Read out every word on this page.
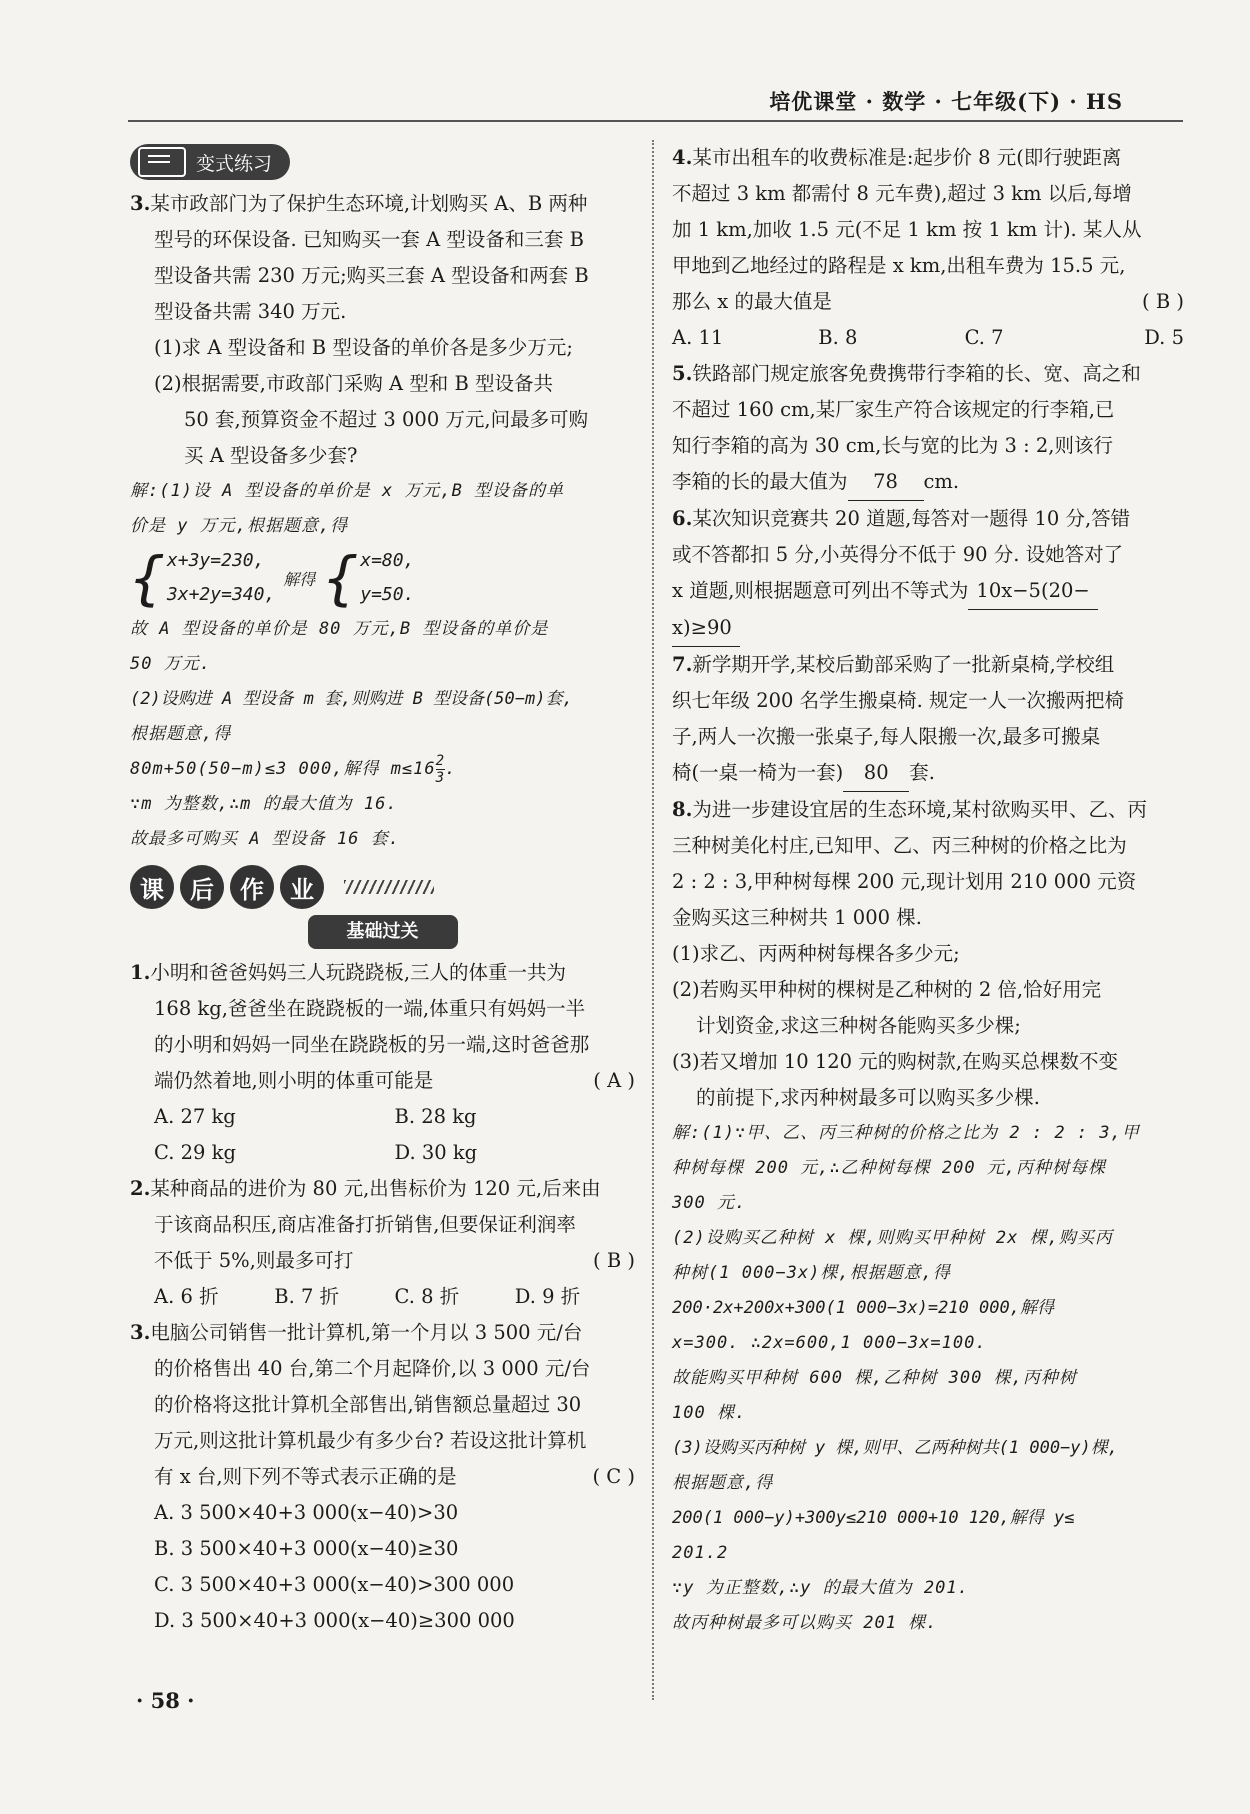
培优课堂 · 数学 · 七年级(下) · HS
变式练习

3.某市政部门为了保护生态环境,计划购买 A、B 两种

型号的环保设备. 已知购买一套 A 型设备和三套 B

型设备共需 230 万元;购买三套 A 型设备和两套 B

型设备共需 340 万元.

(1)求 A 型设备和 B 型设备的单价各是多少万元;

(2)根据需要,市政部门采购 A 型和 B 型设备共

50 套,预算资金不超过 3 000 万元,问最多可购

买 A 型设备多少套?

解:(1)设 A 型设备的单价是 x 万元,B 型设备的单

价是 y 万元,根据题意,得

{ x+3y=230,
3x+2y=340,
解得 { x=80,
y=50.

故 A 型设备的单价是 80 万元,B 型设备的单价是

50 万元.

(2)设购进 A 型设备 m 套,则购进 B 型设备(50−m)套,

根据题意,得

80m+50(50−m)≤3 000,解得 $m\le 16 \frac{2}{3}$ .

∵m 为整数,∴m 的最大值为 16.

故最多可购买 A 型设备 16 套.

课	后	作	业
基础过关

1.小明和爸爸妈妈三人玩跷跷板,三人的体重一共为

168 kg,爸爸坐在跷跷板的一端,体重只有妈妈一半

的小明和妈妈一同坐在跷跷板的另一端,这时爸爸那

端仍然着地,则小明的体重可能是	( A )

A. 27 kg	B. 28 kg
C. 29 kg	D. 30 kg

2.某种商品的进价为 80 元,出售标价为 120 元,后来由

于该商品积压,商店准备打折销售,但要保证利润率

不低于 5%,则最多可打	( B )

A. 6 折	B. 7 折	C. 8 折	D. 9 折

3.电脑公司销售一批计算机,第一个月以 3 500 元/台

的价格售出 40 台,第二个月起降价,以 3 000 元/台

的价格将这批计算机全部售出,销售额总量超过 30

万元,则这批计算机最少有多少台? 若设这批计算机

有 x 台,则下列不等式表示正确的是	( C )

A. 3 500×40+3 000(x−40)>30

B. 3 500×40+3 000(x−40)≥30

C. 3 500×40+3 000(x−40)>300 000

D. 3 500×40+3 000(x−40)≥300 000

4.某市出租车的收费标准是:起步价 8 元(即行驶距离

不超过 3 km 都需付 8 元车费),超过 3 km 以后,每增

加 1 km,加收 1.5 元(不足 1 km 按 1 km 计). 某人从

甲地到乙地经过的路程是 x km,出租车费为 15.5 元,

那么 x 的最大值是	( B )

A. 11	B. 8	C. 7	D. 5

5.铁路部门规定旅客免费携带行李箱的长、宽、高之和

不超过 160 cm,某厂家生产符合该规定的行李箱,已

知行李箱的高为 30 cm,长与宽的比为 3 : 2,则该行

李箱的长的最大值为 78 cm.

6.某次知识竞赛共 20 道题,每答对一题得 10 分,答错

或不答都扣 5 分,小英得分不低于 90 分. 设她答对了

x 道题,则根据题意可列出不等式为 10x−5(20−

x)≥90

7.新学期开学,某校后勤部采购了一批新桌椅,学校组

织七年级 200 名学生搬桌椅. 规定一人一次搬两把椅

子,两人一次搬一张桌子,每人限搬一次,最多可搬桌

椅(一桌一椅为一套) 80 套.

8.为进一步建设宜居的生态环境,某村欲购买甲、乙、丙

三种树美化村庄,已知甲、乙、丙三种树的价格之比为

2 : 2 : 3,甲种树每棵 200 元,现计划用 210 000 元资

金购买这三种树共 1 000 棵.

(1)求乙、丙两种树每棵各多少元;

(2)若购买甲种树的棵树是乙种树的 2 倍,恰好用完

计划资金,求这三种树各能购买多少棵;

(3)若又增加 10 120 元的购树款,在购买总棵数不变

的前提下,求丙种树最多可以购买多少棵.

解:(1)∵甲、乙、丙三种树的价格之比为 2 : 2 : 3,甲

种树每棵 200 元,∴乙种树每棵 200 元,丙种树每棵

300 元.

(2)设购买乙种树 x 棵,则购买甲种树 2x 棵,购买丙

种树(1 000−3x)棵,根据题意,得

200·2x+200x+300(1 000−3x)=210 000,解得

x=300. ∴2x=600,1 000−3x=100.

故能购买甲种树 600 棵,乙种树 300 棵,丙种树

100 棵.

(3)设购买丙种树 y 棵,则甲、乙两种树共(1 000−y)棵,

根据题意,得

200(1 000−y)+300y≤210 000+10 120,解得 y≤

201.2

∵y 为正整数,∴y 的最大值为 201.

故丙种树最多可以购买 201 棵.

· 58 ·
